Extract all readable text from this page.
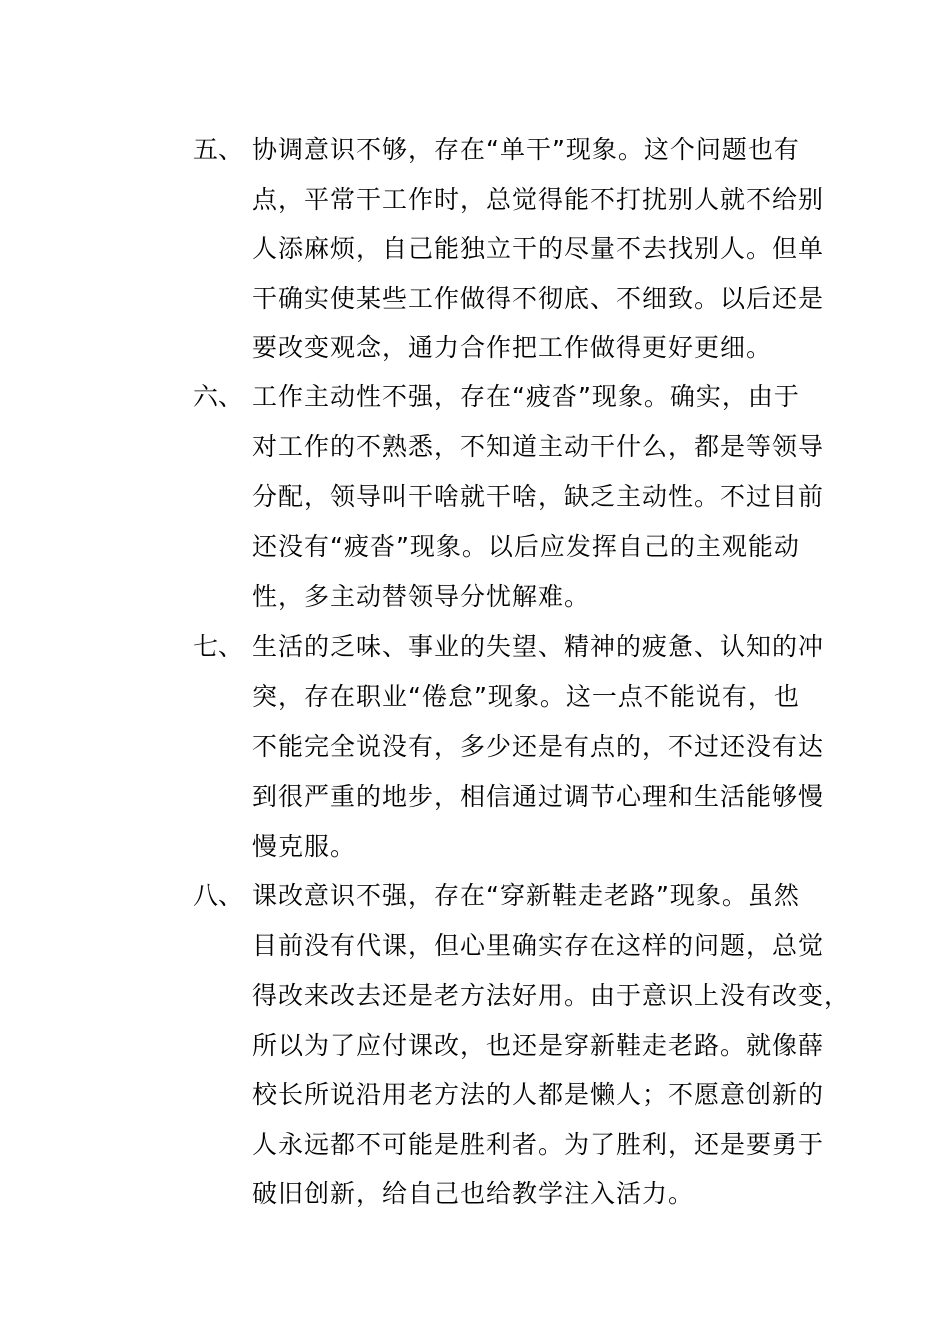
五、 协调意识不够，存在“单干”现象。这个问题也有
点，平常干工作时，总觉得能不打扰别人就不给别
人添麻烦，自己能独立干的尽量不去找别人。但单
干确实使某些工作做得不彻底、不细致。以后还是
要改变观念，通力合作把工作做得更好更细。
六、 工作主动性不强，存在“疲沓”现象。确实，由于
对工作的不熟悉，不知道主动干什么，都是等领导
分配，领导叫干啥就干啥，缺乏主动性。不过目前
还没有“疲沓”现象。以后应发挥自己的主观能动
性，多主动替领导分忧解难。
七、 生活的乏味、事业的失望、精神的疲惫、认知的冲
突，存在职业“倦怠”现象。这一点不能说有，也
不能完全说没有，多少还是有点的，不过还没有达
到很严重的地步，相信通过调节心理和生活能够慢
慢克服。
八、 课改意识不强，存在“穿新鞋走老路”现象。虽然
目前没有代课，但心里确实存在这样的问题，总觉
得改来改去还是老方法好用。由于意识上没有改变，
所以为了应付课改，也还是穿新鞋走老路。就像薛
校长所说沿用老方法的人都是懒人；不愿意创新的
人永远都不可能是胜利者。为了胜利，还是要勇于
破旧创新，给自己也给教学注入活力。
